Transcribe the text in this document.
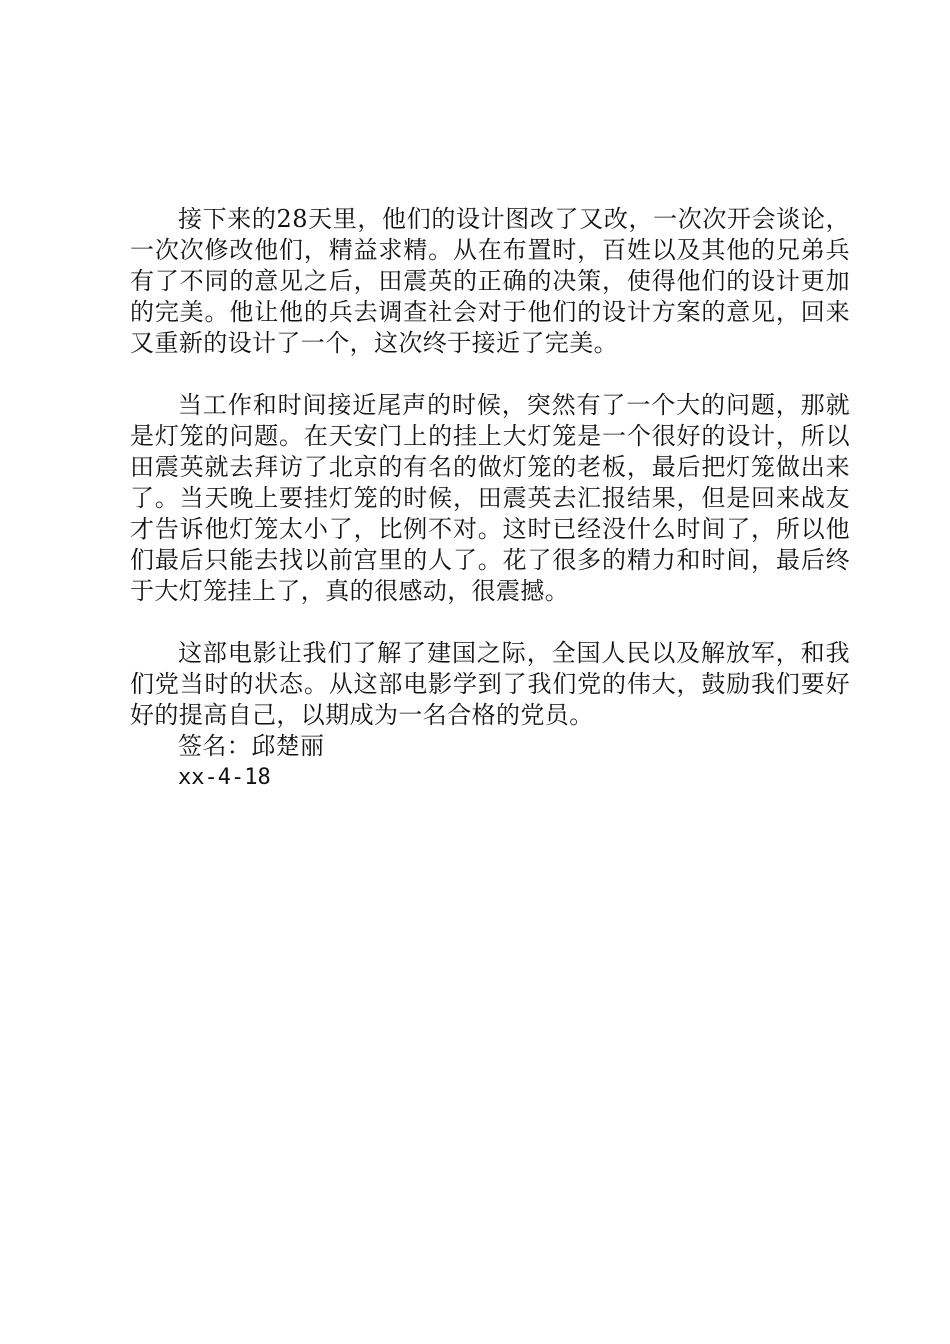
接下来的28天里，他们的设计图改了又改，一次次开会谈论，一次次修改他们，精益求精。从在布置时，百姓以及其他的兄弟兵有了不同的意见之后，田震英的正确的决策，使得他们的设计更加的完美。他让他的兵去调查社会对于他们的设计方案的意见，回来又重新的设计了一个，这次终于接近了完美。

当工作和时间接近尾声的时候，突然有了一个大的问题，那就是灯笼的问题。在天安门上的挂上大灯笼是一个很好的设计，所以田震英就去拜访了北京的有名的做灯笼的老板，最后把灯笼做出来了。当天晚上要挂灯笼的时候，田震英去汇报结果，但是回来战友才告诉他灯笼太小了，比例不对。这时已经没什么时间了，所以他们最后只能去找以前宫里的人了。花了很多的精力和时间，最后终于大灯笼挂上了，真的很感动，很震撼。

这部电影让我们了解了建国之际，全国人民以及解放军，和我们党当时的状态。从这部电影学到了我们党的伟大，鼓励我们要好好的提高自己，以期成为一名合格的党员。

签名：邱楚丽

xx-4-18
